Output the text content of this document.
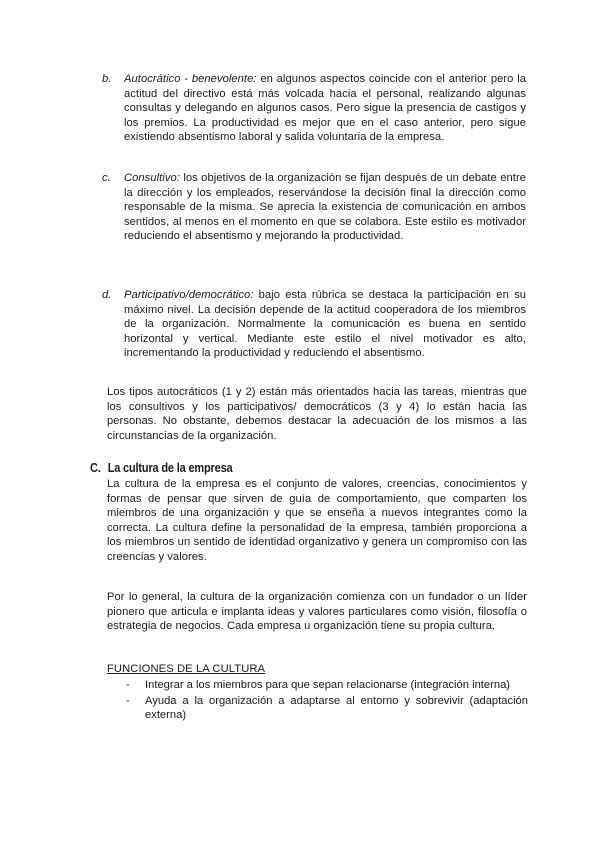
b. Autocrático - benevolente: en algunos aspectos coincide con el anterior pero la actitud del directivo está más volcada hacia el personal, realizando algunas consultas y delegando en algunos casos. Pero sigue la presencia de castigos y los premios. La productividad es mejor que en el caso anterior, pero sigue existiendo absentismo laboral y salida voluntaria de la empresa.

c. Consultivo: los objetivos de la organización se fijan después de un debate entre la dirección y los empleados, reservándose la decisión final la dirección como responsable de la misma. Se aprecia la existencia de comunicación en ambos sentidos, al menos en el momento en que se colabora. Este estilo es motivador reduciendo el absentismo y mejorando la productividad.

d. Participativo/democrático: bajo esta rúbrica se destaca la participación en su máximo nivel. La decisión depende de la actitud cooperadora de los miembros de la organización. Normalmente la comunicación es buena en sentido horizontal y vertical. Mediante este estilo el nivel motivador es alto, incrementando la productividad y reduciendo el absentismo.

Los tipos autocráticos (1 y 2) están más orientados hacia las tareas, mientras que los consultivos y los participativos/ democráticos (3 y 4) lo están hacia las personas. No obstante, debemos destacar la adecuación de los mismos a las circunstancias de la organización.

C. La cultura de la empresa

La cultura de la empresa es el conjunto de valores, creencias, conocimientos y formas de pensar que sirven de guía de comportamiento, que comparten los miembros de una organización y que se enseña a nuevos integrantes como la correcta. La cultura define la personalidad de la empresa, también proporciona a los miembros un sentido de identidad organizativo y genera un compromiso con las creencias y valores.

Por lo general, la cultura de la organización comienza con un fundador o un líder pionero que articula e implanta ideas y valores particulares como visión, filosofía o estrategia de negocios. Cada empresa u organización tiene su propia cultura.

FUNCIONES DE LA CULTURA
- Integrar a los miembros para que sepan relacionarse (integración interna)
- Ayuda a la organización a adaptarse al entorno y sobrevivir (adaptación externa)
